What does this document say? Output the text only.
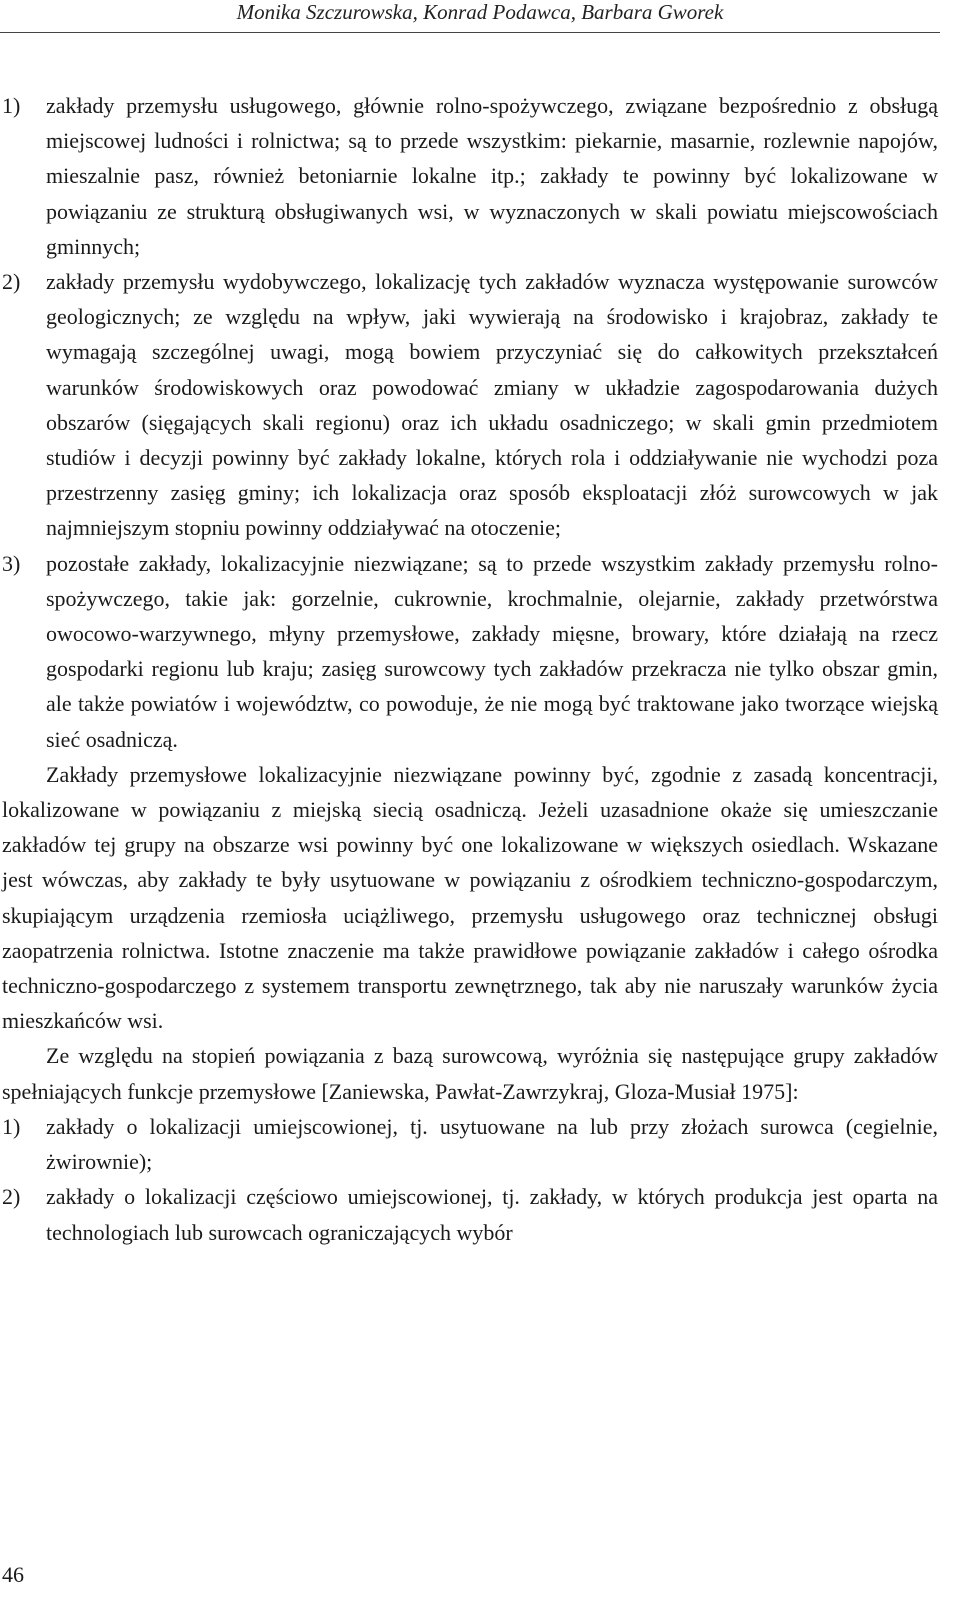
Monika Szczurowska, Konrad Podawca, Barbara Gworek
1)	zakłady przemysłu usługowego, głównie rolno-spożywczego, związane bezpośrednio z obsługą miejscowej ludności i rolnictwa; są to przede wszystkim: piekarnie, masarnie, rozlewnie napojów, mieszalnie pasz, również betoniarnie lokalne itp.; zakłady te powinny być lokalizowane w powiązaniu ze strukturą obsługiwanych wsi, w wyznaczonych w skali powiatu miejscowościach gminnych;
2)	zakłady przemysłu wydobywczego, lokalizację tych zakładów wyznacza występowanie surowców geologicznych; ze względu na wpływ, jaki wywierają na środowisko i krajobraz, zakłady te wymagają szczególnej uwagi, mogą bowiem przyczyniać się do całkowitych przekształceń warunków środowiskowych oraz powodować zmiany w układzie zagospodarowania dużych obszarów (sięgających skali regionu) oraz ich układu osadniczego; w skali gmin przedmiotem studiów i decyzji powinny być zakłady lokalne, których rola i oddziaływanie nie wychodzi poza przestrzenny zasięg gminy; ich lokalizacja oraz sposób eksploatacji złóż surowcowych w jak najmniejszym stopniu powinny oddziaływać na otoczenie;
3)	pozostałe zakłady, lokalizacyjnie niezwiązane; są to przede wszystkim zakłady przemysłu rolno-spożywczego, takie jak: gorzelnie, cukrownie, krochmalnie, olejarnie, zakłady przetwórstwa owocowo-warzywnego, młyny przemysłowe, zakłady mięsne, browary, które działają na rzecz gospodarki regionu lub kraju; zasięg surowcowy tych zakładów przekracza nie tylko obszar gmin, ale także powiatów i województw, co powoduje, że nie mogą być traktowane jako tworzące wiejską sieć osadniczą.

Zakłady przemysłowe lokalizacyjnie niezwiązane powinny być, zgodnie z zasadą koncentracji, lokalizowane w powiązaniu z miejską siecią osadniczą. Jeżeli uzasadnione okaże się umieszczanie zakładów tej grupy na obszarze wsi powinny być one lokalizowane w większych osiedlach. Wskazane jest wówczas, aby zakłady te były usytuowane w powiązaniu z ośrodkiem techniczno-gospodarczym, skupiającym urządzenia rzemiosła uciążliwego, przemysłu usługowego oraz technicznej obsługi zaopatrzenia rolnictwa. Istotne znaczenie ma także prawidłowe powiązanie zakładów i całego ośrodka techniczno-gospodarczego z systemem transportu zewnętrznego, tak aby nie naruszały warunków życia mieszkańców wsi.

Ze względu na stopień powiązania z bazą surowcową, wyróżnia się następujące grupy zakładów spełniających funkcje przemysłowe [Zaniewska, Pawłat-Zawrzykraj, Gloza-Musiał 1975]:

1)	zakłady o lokalizacji umiejscowionej, tj. usytuowane na lub przy złożach surowca (cegielnie, żwirownie);
2)	zakłady o lokalizacji częściowo umiejscowionej, tj. zakłady, w których produkcja jest oparta na technologiach lub surowcach ograniczających wybór
46
